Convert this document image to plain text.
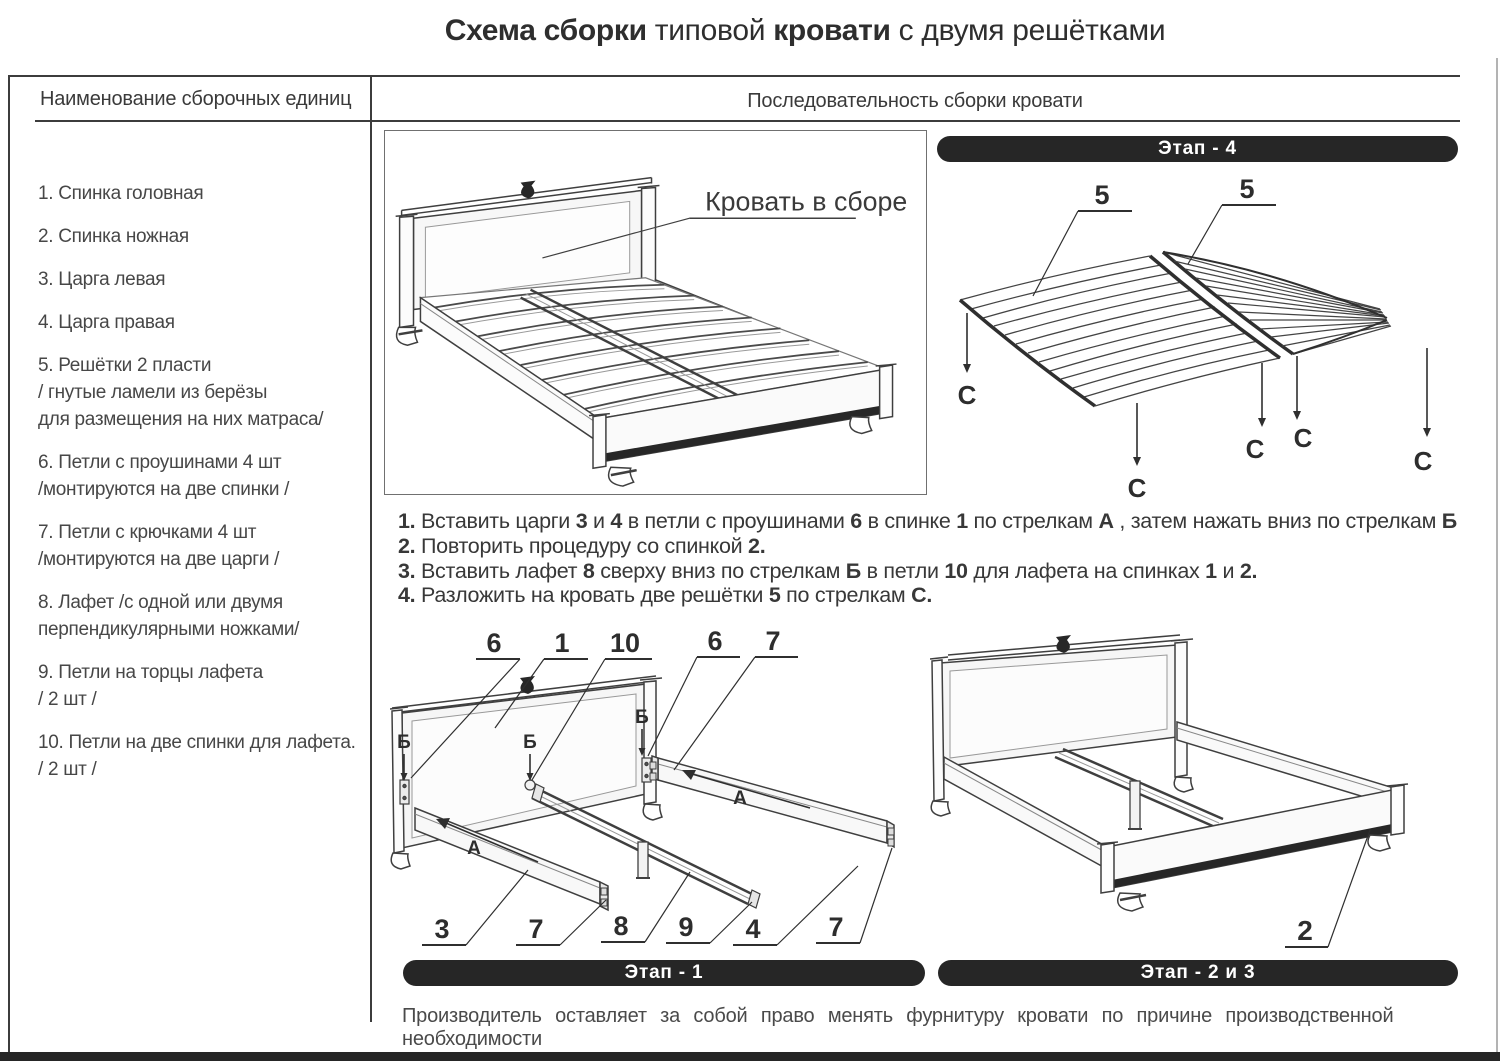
Схема сборки типовой кровати с двумя решётками
Наименование сборочных единиц	Последовательность сборки кровати
1. Спинка головная
2. Спинка ножная
3. Царга левая
4. Царга правая
5. Решётки 2 пласти
/ гнутые ламели из берёзы
для размещения на них матраса/
6. Петли с проушинами 4 шт
/монтируются на две спинки /
7. Петли с крючками 4 шт
/монтируются на две царги /
8. Лафет /с одной или двумя
перпендикулярными ножками/
9. Петли на торцы лафета
/ 2 шт /
10. Петли на две спинки для лафета.
/ 2 шт /
Кровать в сборе
Этап - 4
5	5
С
С
С С
С
1. Вставить царги 3 и 4 в петли с проушинами 6 в спинке 1 по стрелкам А , затем нажать вниз по стрелкам Б
2. Повторить процедуру со спинкой 2.
3. Вставить лафет 8 сверху вниз по стрелкам Б в петли 10 для лафета на спинках 1 и 2.
4. Разложить на кровать две решётки 5 по стрелкам С.
Б	Б
Б
А
А
6 1 10 6 7
3	7	8 9 4	7	2
Этап - 1	Этап - 2 и 3
Производитель оставляет за собой право менять фурнитуру кровати по причине производственной необходимости
